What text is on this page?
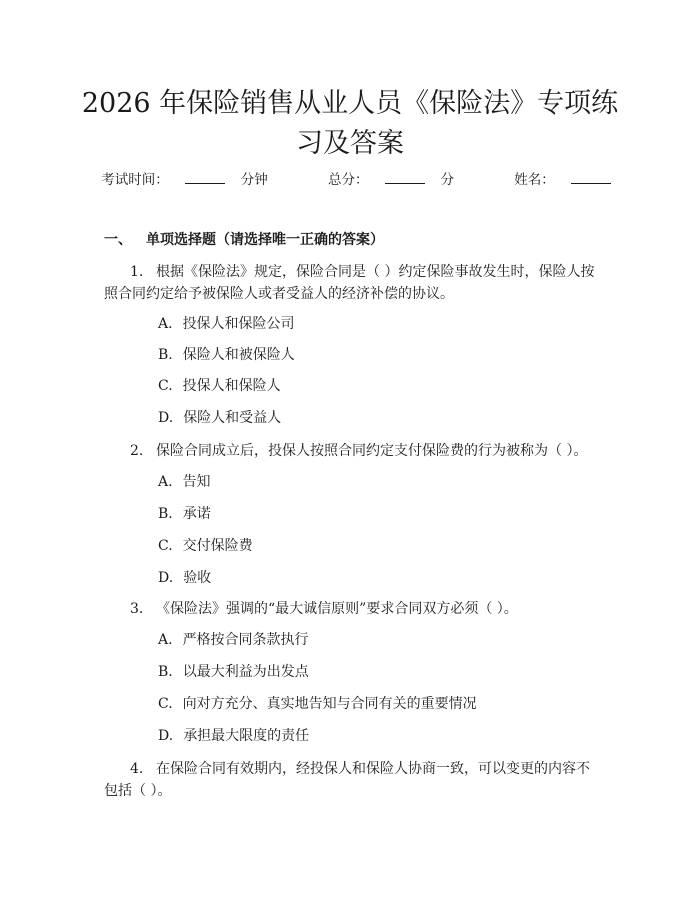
2026 年保险销售从业人员《保险法》专项练习及答案
考试时间：	分钟	总分：	分	姓名：
一、 单项选择题（请选择唯一正确的答案）
1. 根据《保险法》规定，保险合同是（ ）约定保险事故发生时，保险人按照合同约定给予被保险人或者受益人的经济补偿的协议。
A. 投保人和保险公司
B. 保险人和被保险人
C. 投保人和保险人
D. 保险人和受益人
2. 保险合同成立后，投保人按照合同约定支付保险费的行为被称为（ ）。
A. 告知
B. 承诺
C. 交付保险费
D. 验收
3. 《保险法》强调的“最大诚信原则”要求合同双方必须（ ）。
A. 严格按合同条款执行
B. 以最大利益为出发点
C. 向对方充分、真实地告知与合同有关的重要情况
D. 承担最大限度的责任
4. 在保险合同有效期内，经投保人和保险人协商一致，可以变更的内容不包括（ ）。
